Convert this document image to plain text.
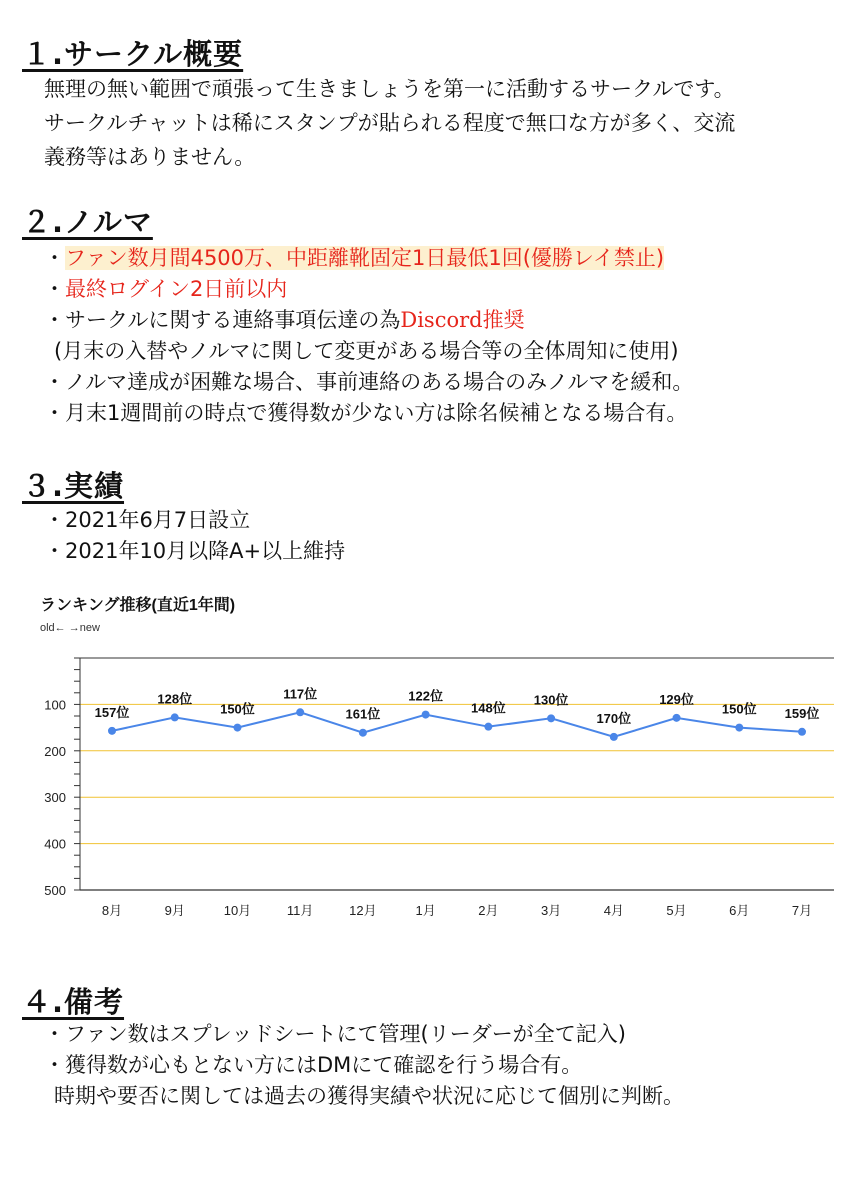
１.サークル概要
無理の無い範囲で頑張って生きましょうを第一に活動するサークルです。
サークルチャットは稀にスタンプが貼られる程度で無口な方が多く、交流
義務等はありません。
２.ノルマ
・ファン数月間4500万、中距離靴固定1日最低1回(優勝レイ禁止)
・最終ログイン2日前以内
・サークルに関する連絡事項伝達の為Discord推奨
(月末の入替やノルマに関して変更がある場合等の全体周知に使用)
・ノルマ達成が困難な場合、事前連絡のある場合のみノルマを緩和。
・月末1週間前の時点で獲得数が少ない方は除名候補となる場合有。
３.実績
・2021年6月7日設立
・2021年10月以降A+以上維持
ランキング推移(直近1年間)
old← →new
100
200
300
400
500
8月	9月	10月	11月	12月	1月	2月	3月	4月	5月	6月	7月
157位
128位
150位
117位
161位
122位
148位
130位
170位
129位
150位 159位
４.備考
・ファン数はスプレッドシートにて管理(リーダーが全て記入)
・獲得数が心もとない方にはDMにて確認を行う場合有。
時期や要否に関しては過去の獲得実績や状況に応じて個別に判断。
